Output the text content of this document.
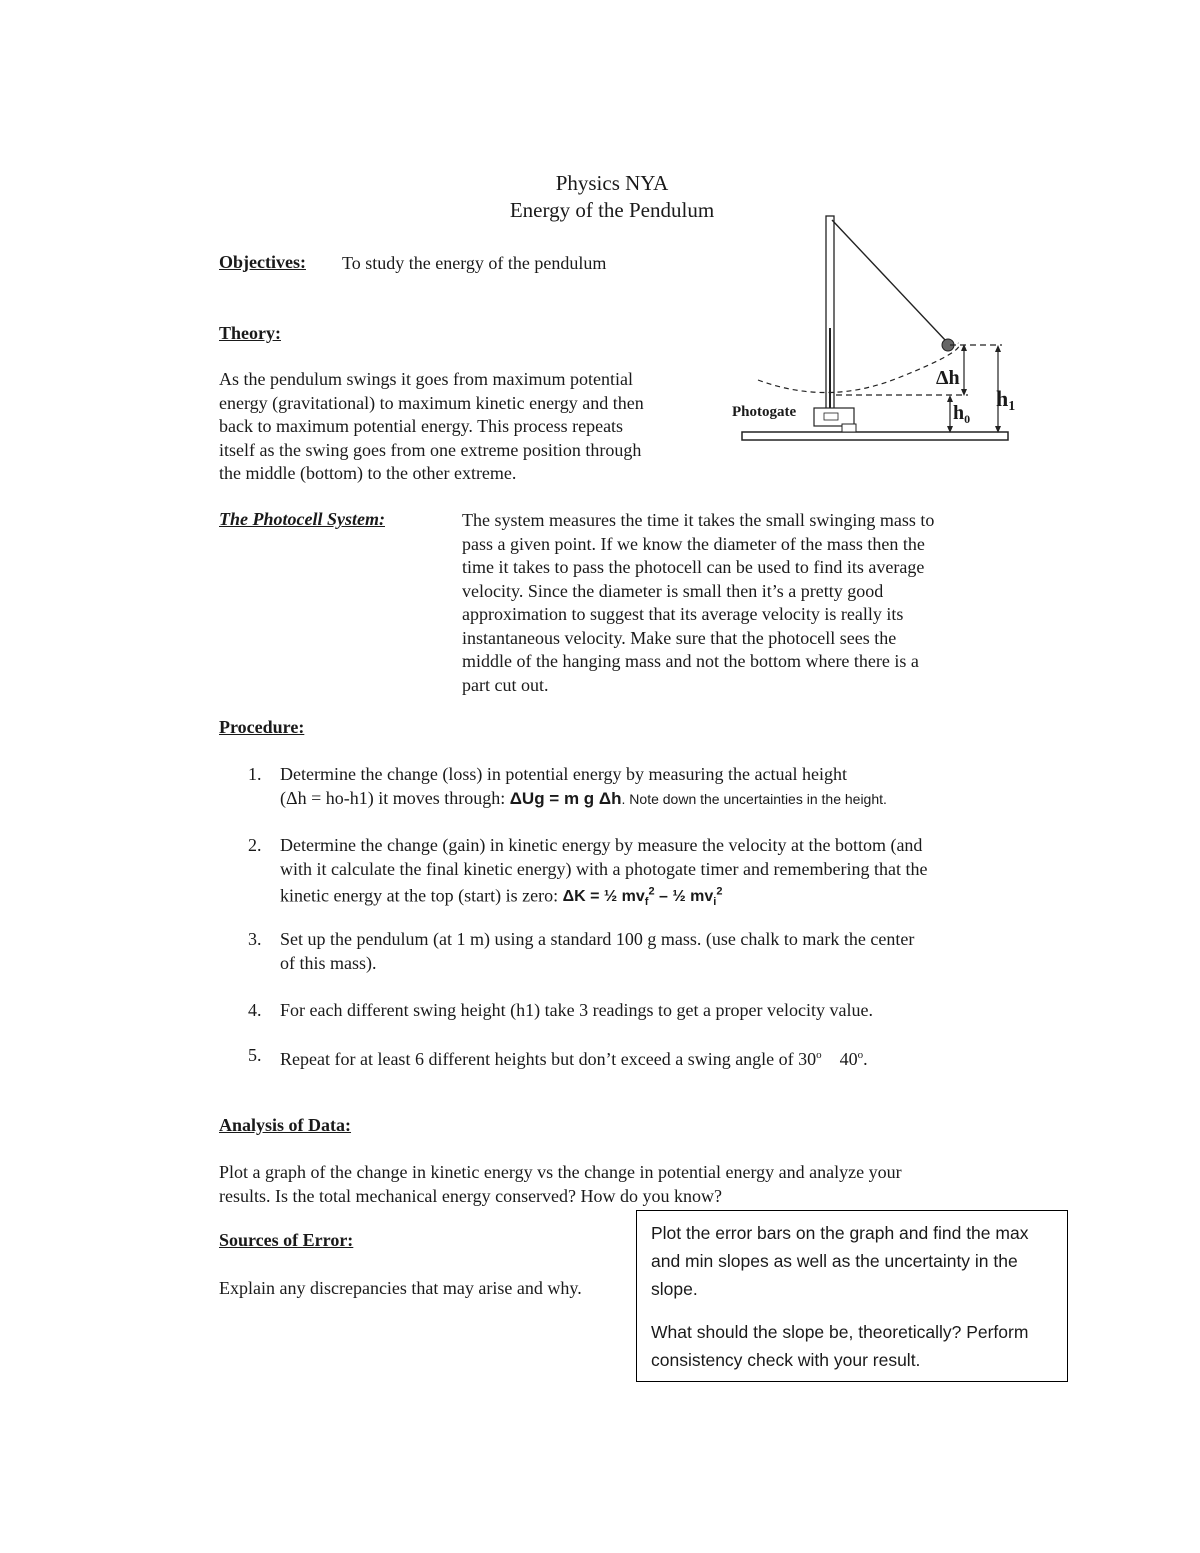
Physics NYA
Energy of the Pendulum
Objectives: To study the energy of the pendulum
Theory:
As the pendulum swings it goes from maximum potential
energy (gravitational) to maximum kinetic energy and then
back to maximum potential energy. This process repeats
itself as the swing goes from one extreme position through
the middle (bottom) to the other extreme.
Photogate
Δh
$h_0$
h1
The Photocell System:	The system measures the time it takes the small swinging mass to
pass a given point. If we know the diameter of the mass then the
time it takes to pass the photocell can be used to find its average
velocity. Since the diameter is small then it’s a pretty good
approximation to suggest that its average velocity is really its
instantaneous velocity. Make sure that the photocell sees the
middle of the hanging mass and not the bottom where there is a
part cut out.
Procedure:
1.	Determine the change (loss) in potential energy by measuring the actual height
(Δh = ho-h1) it moves through: ΔUg = m g Δh. Note down the uncertainties in the height.
2.	Determine the change (gain) in kinetic energy by measure the velocity at the bottom (and
with it calculate the final kinetic energy) with a photogate timer and remembering that the
kinetic energy at the top (start) is zero: ΔK = ½ $mv_f^2$ – ½ $mv_i^2$
3.	Set up the pendulum (at 1 m) using a standard 100 g mass. (use chalk to mark the center
of this mass).
4.	For each different swing height (h1) take 3 readings to get a proper velocity value.
5.	Repeat for at least 6 different heights but don’t exceed a swing angle of 30$^o$    40$^o$.
Analysis of Data:
Plot a graph of the change in kinetic energy vs the change in potential energy and analyze your
results. Is the total mechanical energy conserved? How do you know?
Sources of Error:
Explain any discrepancies that may arise and why.

Plot the error bars on the graph and find the max and min slopes as well as the uncertainty in the slope.

What should the slope be, theoretically? Perform consistency check with your result.
